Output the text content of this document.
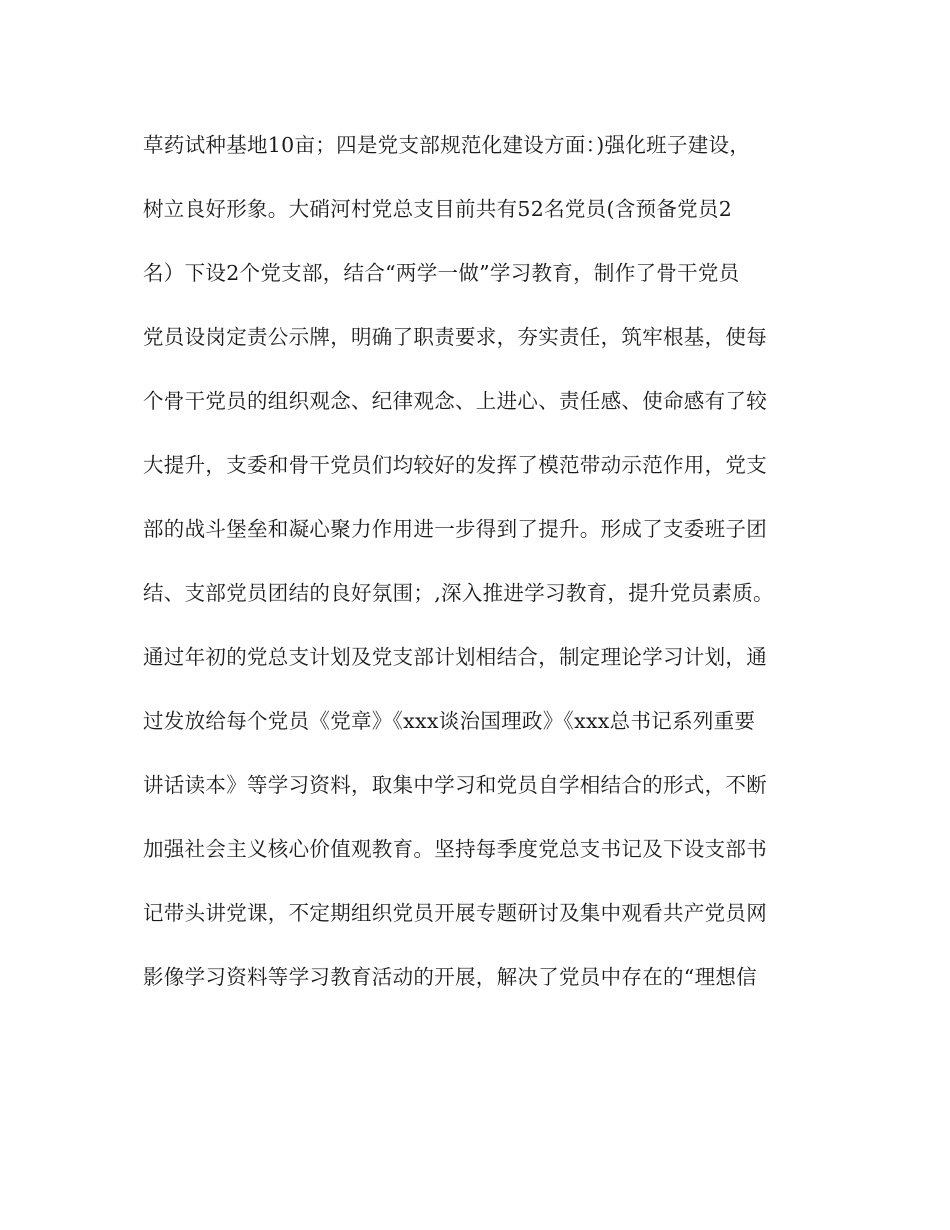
草药试种基地10亩；四是党支部规范化建设方面：)强化班子建设，
树立良好形象。大硝河村党总支目前共有52名党员(含预备党员2
名）下设2个党支部，结合“两学一做”学习教育，制作了骨干党员
党员设岗定责公示牌，明确了职责要求，夯实责任，筑牢根基，使每
个骨干党员的组织观念、纪律观念、上进心、责任感、使命感有了较
大提升，支委和骨干党员们均较好的发挥了模范带动示范作用，党支
部的战斗堡垒和凝心聚力作用进一步得到了提升。形成了支委班子团
结、支部党员团结的良好氛围；,深入推进学习教育，提升党员素质。
通过年初的党总支计划及党支部计划相结合，制定理论学习计划，通
过发放给每个党员《党章》《xxx谈治国理政》《xxx总书记系列重要
讲话读本》等学习资料，取集中学习和党员自学相结合的形式，不断
加强社会主义核心价值观教育。坚持每季度党总支书记及下设支部书
记带头讲党课，不定期组织党员开展专题研讨及集中观看共产党员网
影像学习资料等学习教育活动的开展，解决了党员中存在的“理想信
